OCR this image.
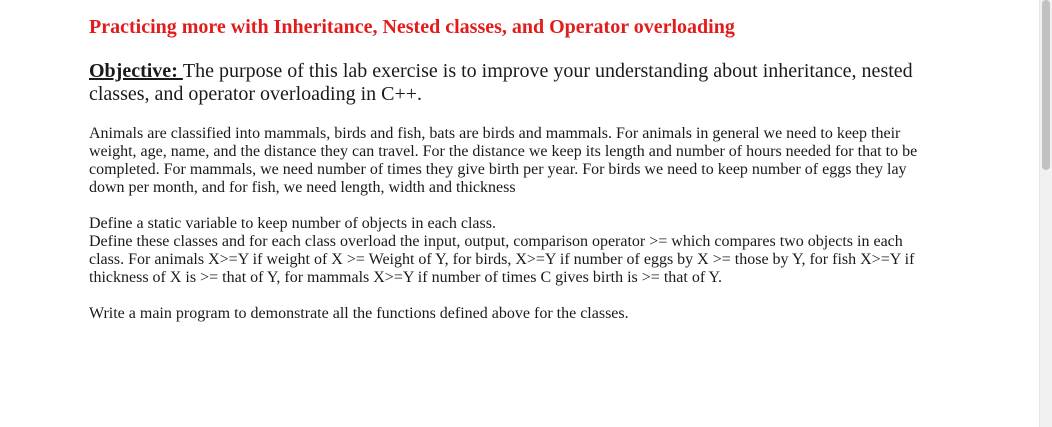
Practicing more with Inheritance, Nested classes, and Operator overloading

Objective: The purpose of this lab exercise is to improve your understanding about inheritance, nested classes, and operator overloading in C++.

Animals are classified into mammals, birds and fish, bats are birds and mammals. For animals in general we need to keep their weight, age, name, and the distance they can travel. For the distance we keep its length and number of hours needed for that to be completed. For mammals, we need number of times they give birth per year. For birds we need to keep number of eggs they lay down per month, and for fish, we need length, width and thickness

Define a static variable to keep number of objects in each class.

Define these classes and for each class overload the input, output, comparison operator >= which compares two objects in each class. For animals X>=Y if weight of X >= Weight of Y, for birds, X>=Y if number of eggs by X >= those by Y, for fish X>=Y if thickness of X is >= that of Y, for mammals X>=Y if number of times C gives birth is >= that of Y.

Write a main program to demonstrate all the functions defined above for the classes.
